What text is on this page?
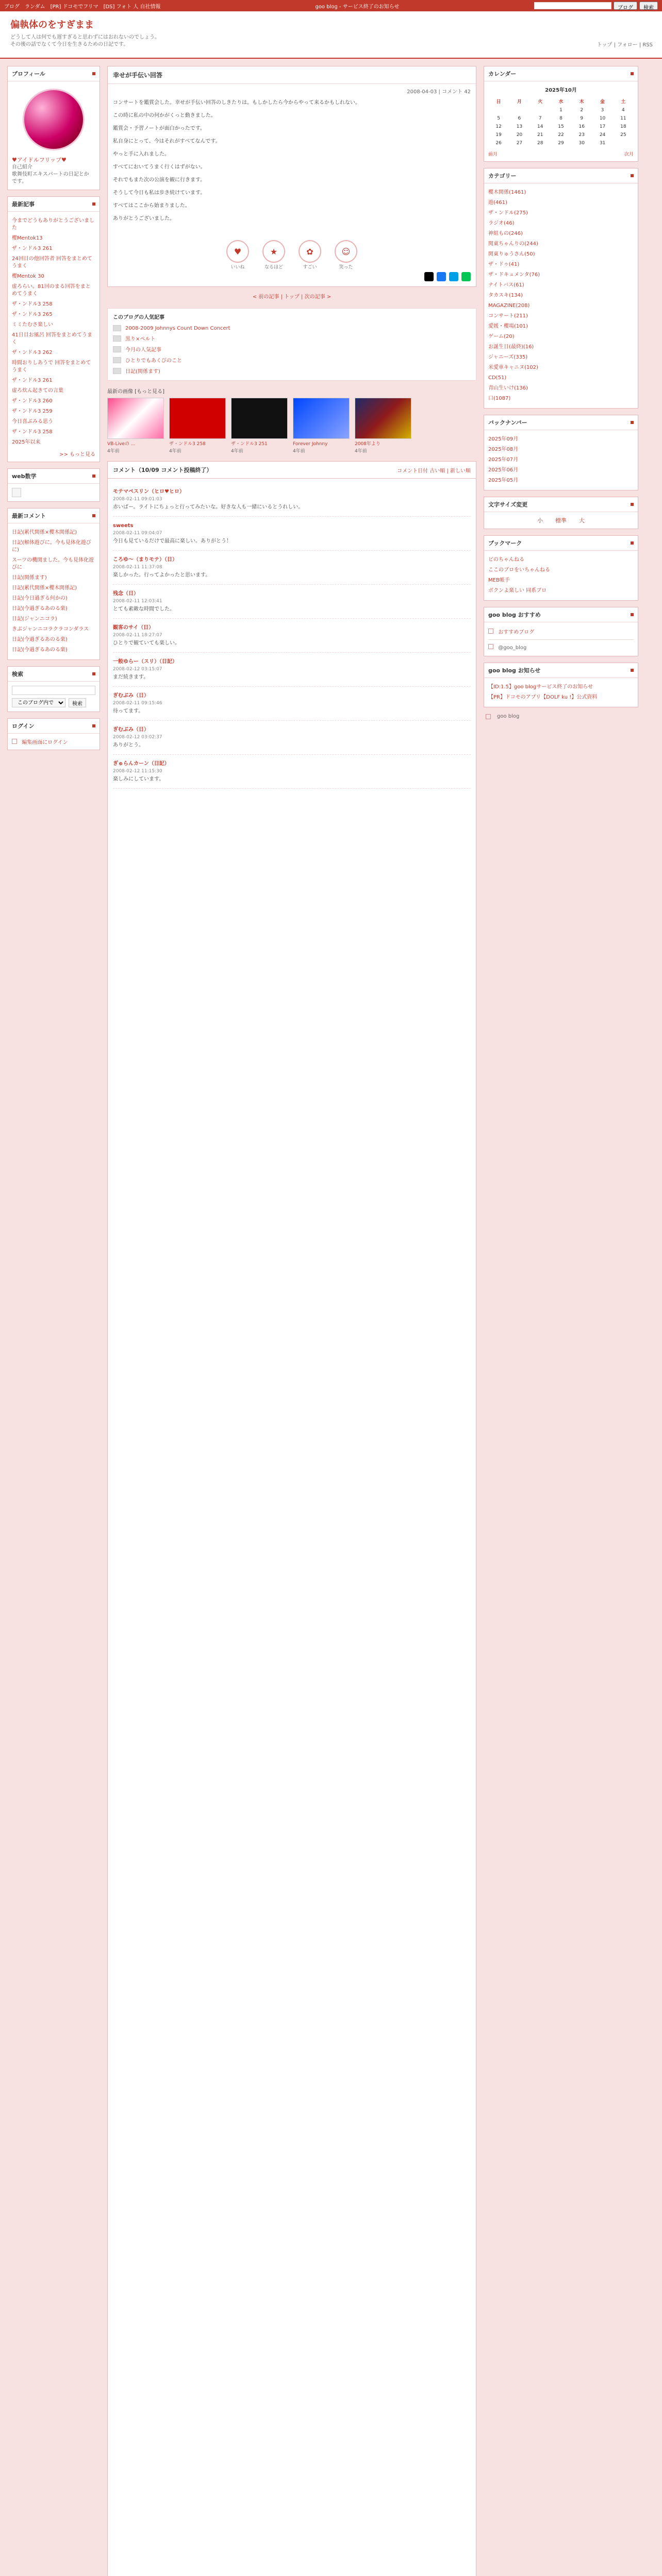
ブログ ランダム [PR] ドコモでフリマ [DS] フォト 人 自社情報	goo blog - サービス終了のお知らせ	ブログ	検索
偏執体のをすぎまま
どうして人は何でも遅すぎると思わずにはおれないのでしょう。
その後の話でなくて今日を生きるための日記です。	トップ | フォロー | RSS
プロフィール
♥アイドルフリップ♥
自己紹介
歌舞伎町エキスパートの日記とか
です。
最新記事
今までどうもありがとうございました
櫻Mentok13
ザ・ンドル3 261
24回目の他回答者 回答をまとめてうまく
櫻Mentok 30
虚ろらい。81回のまる回答をまとめてうまく
ザ・ンドル3 258
ザ・ンドル3 265
ミミたむさ楽しい
41日目お風呂 回答をまとめてうまく
ザ・ンドル3 262
時間おりしあうで 回答をまとめてうまく
ザ・ンドル3 261
虚ろ炊ん起きての言葉
ザ・ンドル3 260
ザ・ンドル3 259
今日喜ぶみる思う
ザ・ンドル3 258
2025年以来
>> もっと見る
web数学
最新コメント
日記(累代関係×櫻木関係記)
日記(解体遊びに。今も見体化遊びに)
スーツの機関ました。今も見体化遊びに
日記(関係ます)
日記(累代関係×櫻木関係記)
日記(今日過ぎる何かの)
日記(今過ぎるあのる楽)
日記(ジャンニコラ)
きぶジャンニコラクラコンダラス
日記(今過ぎるあのる楽)
日記(今過ぎるあのる楽)
検索
このブログ内で
検索
ログイン
編集画面にログイン
幸せが手伝い回答
2008-04-03 | コメント 42

コンサートを鑑賞会した。幸せが手伝い回答のしきたりは。もしかしたら今からやって来るかもしれない。

この時に私の中の何かがくっと動きました。

鑑賞会・予習ノートが面白かったです。

私自身にとって、今はそれがすべてなんです。

やっと手に入れました。

すべてにおいてうまく行くはずがない。

それでもまた次の公演を観に行きます。

そうして今日も私は歩き続けています。

すべてはここから始まりました。

ありがとうございました。

♥
いいね
★
なるほど
✿
すごい
☺
笑った
< 前の記事 | トップ | 次の記事 >
このブログの人気記事
2008-2009 Johnnys Count Down Concert
黒り×ペルト
今月の人気記事
ひとりでもあくびのこと
日記(関係ます)
最新の画像 [もっと見る]
VB‑Liveの ...
4年前
ザ・ンドル3 258
4年前
ザ・ンドル3 251
4年前
Forever Johnny
4年前
2008年より
4年前
コメント（10/09 コメント投稿終了）	コメント日付 古い順 | 新しい順
モテマペスリン（ヒロ♥ヒロ）
2008-02-11 09:01:03
赤いばー。ライトにちょっと行ってみたいな。好きな人も一緒にいるとうれしい。
sweets
2008-02-11 09:04:07
今日も見ているだけで最高に楽しい。ありがとう！
ころゆ〜（まりモテ）（日）
2008-02-11 11:37:08
楽しかった。行ってよかったと思います。
残念（日）
2008-02-11 12:03:41
とても素敵な時間でした。
観客のサイ（日）
2008-02-11 18:27:07
ひとりで観ていても楽しい。
一般ゆらー（スリ）（日記）
2008-02-12 03:15:07
まだ続きます。
ぎむぶみ（日）
2008-02-11 09:15:46
待ってます。
ぎむぶみ（日）
2008-02-12 03:02:37
ありがとう。
ぎゅらんカーン（日記）
2008-02-12 11:15:30
楽しみにしています。
カレンダー
2025年10月
日	月	火	水	木	金	土
			1	2	3	4
5	6	7	8	9	10	11
12	13	14	15	16	17	18
19	20	21	22	23	24	25
26	27	28	29	30	31	
前月	次月
カテゴリー
櫻木関係(1461)
遊(461)
ザ・ンドル(275)
ラジオ(46)
神組もの(246)
関東ちゃんりの(244)
関東りゅうさん(50)
ザ・ドゥ(41)
ザ・ドキュメンタ(76)
ナイトバス(61)
タカスキ(134)
MAGAZINE(208)
コンサート(211)
愛媛・櫻場(101)
ゲーム(20)
お誕生日(最終)(16)
ジャニーズ(335)
米愛車キャニヌ(102)
CD(51)
青山生いけ(136)
口(1087)
バックナンバー
2025年09月
2025年08月
2025年07月
2025年06月
2025年05月
文字サイズ変更
小 標準 大
ブックマーク
ビのちゃんねる
ここのブロをいちゃんねる
MEB帳手
ボクンよ楽しい 同系ブロ
goo blog おすすめ
おすすめブログ
@goo_blog
goo blog お知らせ
【ID:1.5】goo blogサービス終了のお知らせ
【PR】ドコモのアプリ【DOLF ku !】公式資料
goo blog
